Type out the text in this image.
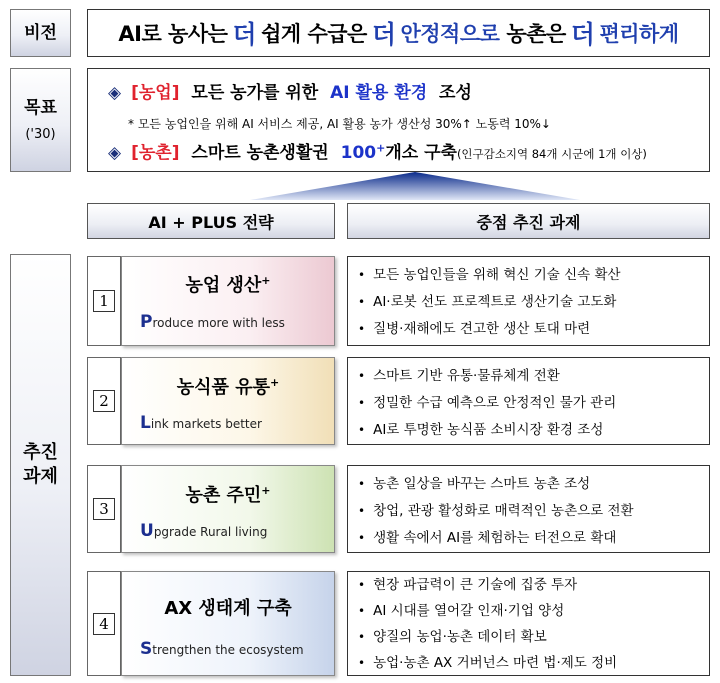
비전	AI로 농사는 더 쉽게 수급은 더 안정적으로 농촌은 더 편리하게
목표
('30)
◈ [농업] 모든 농가를 위한 AI 활용 환경 조성
* 모든 농업인을 위해 AI 서비스 제공, AI 활용 농가 생산성 30%↑ 노동력 10%↓
◈ [농촌] 스마트 농촌생활권 100+개소 구축(인구감소지역 84개 시군에 1개 이상)
AI + PLUS 전략	중점 추진 과제
추진
과제
1
농업 생산+
Produce more with less
• 모든 농업인들을 위해 혁신 기술 신속 확산
• AI·로봇 선도 프로젝트로 생산기술 고도화
• 질병·재해에도 견고한 생산 토대 마련
2
농식품 유통+
Link markets better
• 스마트 기반 유통·물류체계 전환
• 정밀한 수급 예측으로 안정적인 물가 관리
• AI로 투명한 농식품 소비시장 환경 조성
3
농촌 주민+
Upgrade Rural living
• 농촌 일상을 바꾸는 스마트 농촌 조성
• 창업, 관광 활성화로 매력적인 농촌으로 전환
• 생활 속에서 AI를 체험하는 터전으로 확대
4
AX 생태계 구축
Strengthen the ecosystem
• 현장 파급력이 큰 기술에 집중 투자
• AI 시대를 열어갈 인재·기업 양성
• 양질의 농업·농촌 데이터 확보
• 농업·농촌 AX 거버넌스 마련 법·제도 정비
